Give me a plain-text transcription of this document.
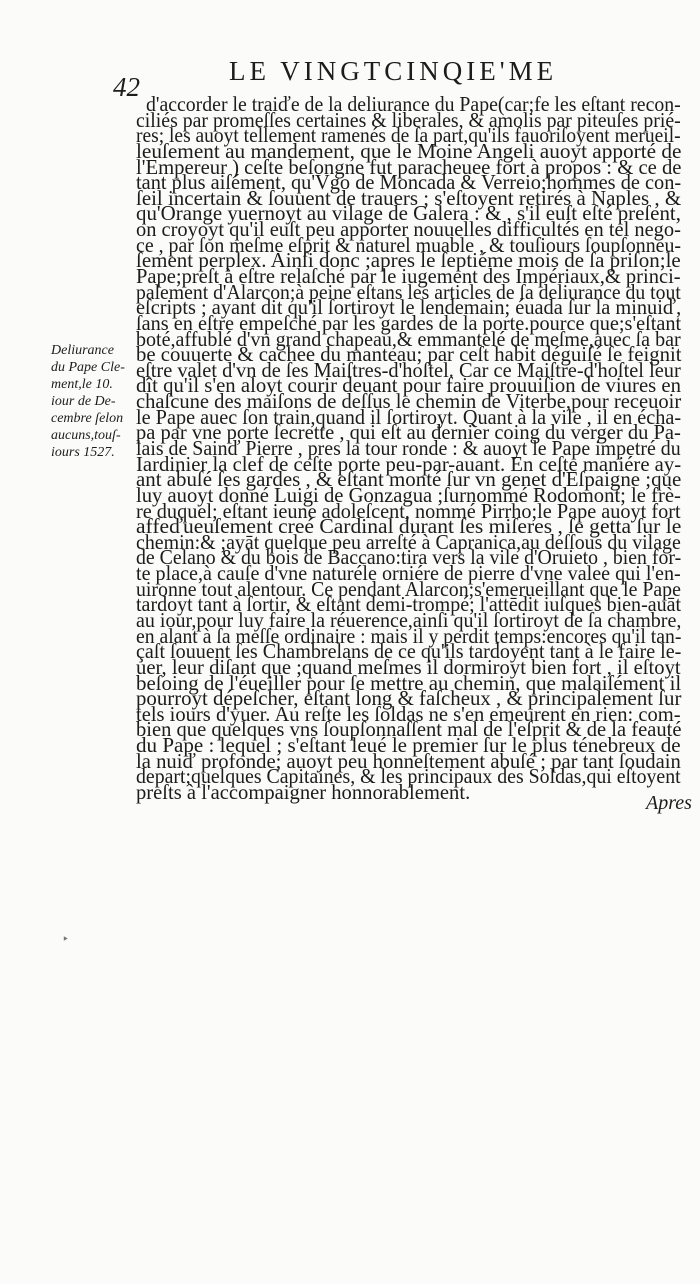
42
LE VINGTCINQIE'ME
Deliurance
du Pape Cle-
ment,le 10.
iour de De-
cembre ſelon
aucuns,touſ-
iours 1527.
‣
d'accorder le traiďe de la deliurance du Pape(car;fe les eſtant recon-
ciliés par promeſſes certaines & liberales, & amolis par piteuſes prié-
res; les auoyt tellement ramenés de ſa part,qu'ils fauoriſoyent merueil-
leuſement au mandement, que le Moine Angeli auoyt apporté de
l'Empereur ) ceſte beſongne fut paracheuee fort à propos : & ce de
tant plus aiſément, qu'Vgo de Moncada & Verreio;hommes de con-
ſeil incertain & ſouuent de trauers ; s'eſtoyent retirés à Naples , &
qu'Orange yuernoyt au vilage de Galera : & , s'il euſt eſté preſent,
on croyoyt qu'il euſt peu apporter nouuelles difficultés en tel nego-
ce , par ſon meſme eſprit & naturel muable , & touſiours ſoupſonneu-
ſement perplex. Ainſi donc ;apres le ſeptiéme mois de ſa priſon;le
Pape;preſt à eſtre relaſché par le iugement des Impériaux,& princi-
palement d'Alarcon;à peine eſtans les articles de ſa deliurance du tout
eſcripts ; ayant dit qu'il ſortiroyt le lendemain; éuada ſur la minuiď,
ſans en eſtre empeſché par les gardes de la porte.pource que;s'eſtant
boté,affublé d'vn grand chapeau,& emmantelé de meſme,auec ſa bar
be couuerte & cachee du manteau; par ceſt habit déguiſé ſe feignit
eſtre valet d'vn de ſes Maiſtres-d'hoſtel. Car ce Maiſtre-d'hoſtel leur
dît qu'il s'en aloyt courir deuant pour faire prouuiſion de viures en
chaſcune des maiſons de deſſus le chemin de Viterbe,pour receuoir
le Pape auec ſon train,quand il ſortiroyt. Quant à la vile , il en écha-
pa par vne porte ſecrette , qui eſt au dernier coing du verger du Pa-
lais de Sainď Pierre , pres la tour ronde : & auoyt le Pape impetré du
Iardinier la clef de ceſte porte peu-par-auant. En ceſte maniére ay-
ant abuſé ſes gardes , & eſtant monté ſur vn genet d'Eſpaigne ;que
luy auoyt donné Luigi de Gonzagua ;ſurnommé Rodomont; le frè-
re duquel; eſtant ieune adoleſcent, nommé Pirrho;le Pape auoyt fort
affeďueuſement creé Cardinal durant ſes miſeres , ſe getta ſur le
chemin:& ;ayāt quelque peu arreſté à Capranica,au deſſous du vilage
de Celano & du bois de Baccano:tira vers la vile d'Oruieto , bien for-
te place,à cauſe d'vne naturéle orniére de pierre d'vne valee qui l'en-
uironne tout alentour. Ce pendant Alarcon;s'emerueillant que le Pape
tardoyt tant à ſortir, & eſtant demi-trompé; l'attēdit iuſques bien-auāt
au iour,pour luy faire la réuerence,ainſi qu'il ſortiroyt de ſa chambre,
en alant à ſa meſſe ordinaire : mais il y perdit temps:encores qu'il tan-
çaſt ſouuent ſes Chambrelans de ce qu'ils tardoyent tant à le faire le-
uer, leur diſant que ;quand meſmes il dormiroyt bien fort , il eſtoyt
beſoing de l'éueiller pour ſe mettre au chemin, que malaiſément il
pourroyt dépeſcher, eſtant long & faſcheux , & principalement ſur
tels iours d'yuer. Au reſte les ſoldas ne s'en emeurent en rien: com-
bien que quelques vns ſoupſonnaſſent mal de l'eſprit & de la feauté
du Pape : lequel ; s'eſtant leué le premier ſur le plus ténebreux de
la nuiď profonde; auoyt peu honneſtement abuſé ; par tant ſoudain
depart;quelques Capitaines, & les principaux des Soldas,qui eſtoyent
preſts à l'accompaigner honnorablement.	Apres
